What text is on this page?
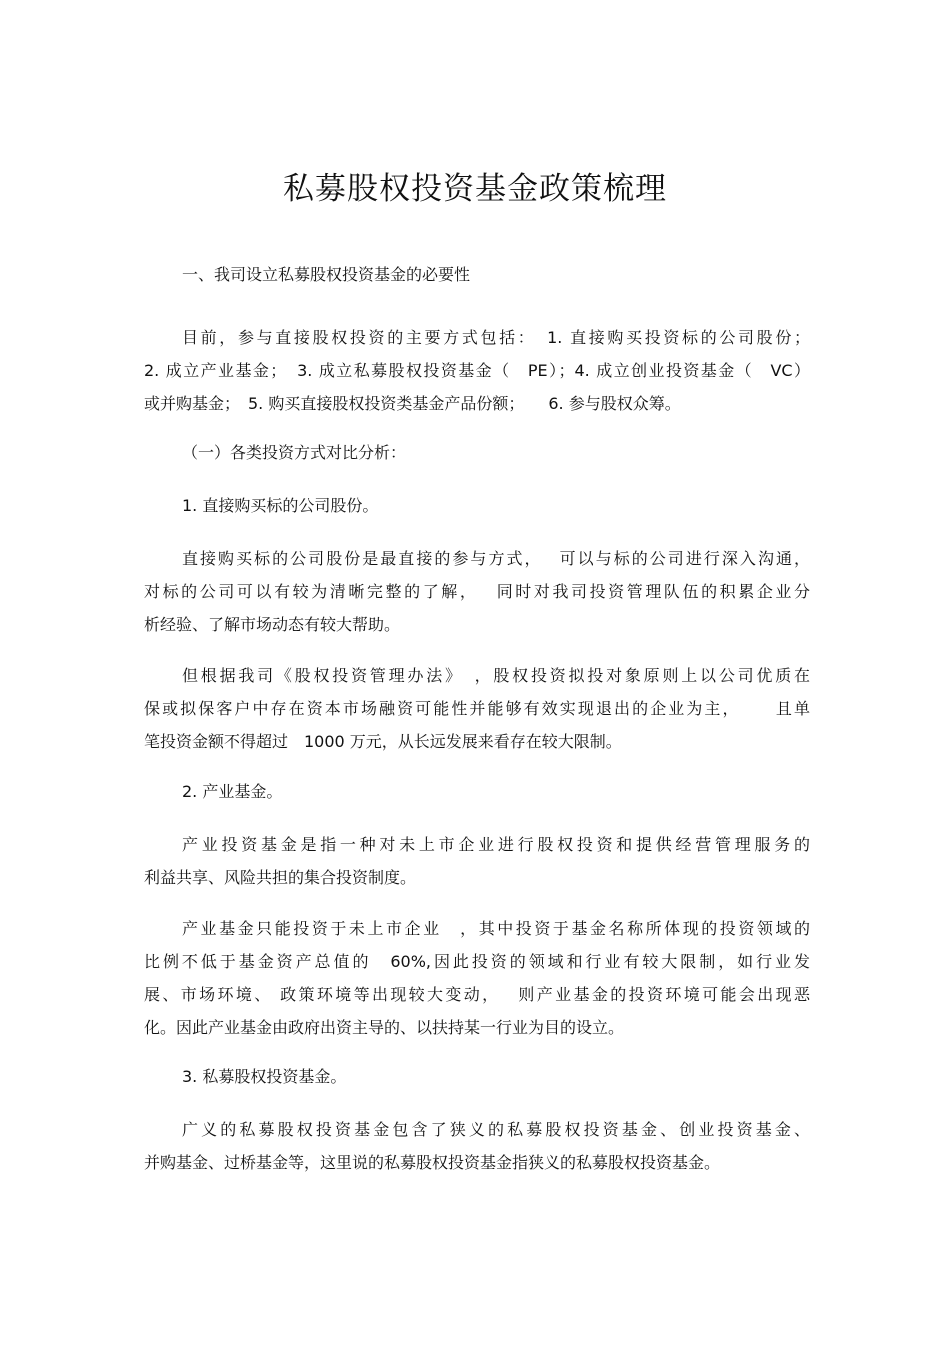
私募股权投资基金政策梳理
一、我司设立私募股权投资基金的必要性
目前，参与直接股权投资的主要方式包括：　1. 直接购买投资标的公司股份；
2. 成立产业基金；　3. 成立私募股权投资基金（　PE）；4. 成立创业投资基金（　VC）
或并购基金；　5. 购买直接股权投资类基金产品份额；　　6. 参与股权众筹。
（一）各类投资方式对比分析：
1. 直接购买标的公司股份。
直接购买标的公司股份是最直接的参与方式，　 可以与标的公司进行深入沟通，
对标的公司可以有较为清晰完整的了解，　 同时对我司投资管理队伍的积累企业分
析经验、了解市场动态有较大帮助。
但根据我司《股权投资管理办法》　，股权投资拟投对象原则上以公司优质在
保或拟保客户中存在资本市场融资可能性并能够有效实现退出的企业为主，　　 且单
笔投资金额不得超过　1000 万元，从长远发展来看存在较大限制。
2. 产业基金。
产业投资基金是指一种对未上市企业进行股权投资和提供经营管理服务的
利益共享、风险共担的集合投资制度。
产业基金只能投资于未上市企业　，其中投资于基金名称所体现的投资领域的
比例不低于基金资产总值的　60%,因此投资的领域和行业有较大限制，如行业发
展、市场环境、 政策环境等出现较大变动，　 则产业基金的投资环境可能会出现恶
化。因此产业基金由政府出资主导的、以扶持某一行业为目的设立。
3. 私募股权投资基金。
广义的私募股权投资基金包含了狭义的私募股权投资基金、创业投资基金、
并购基金、过桥基金等，这里说的私募股权投资基金指狭义的私募股权投资基金。
